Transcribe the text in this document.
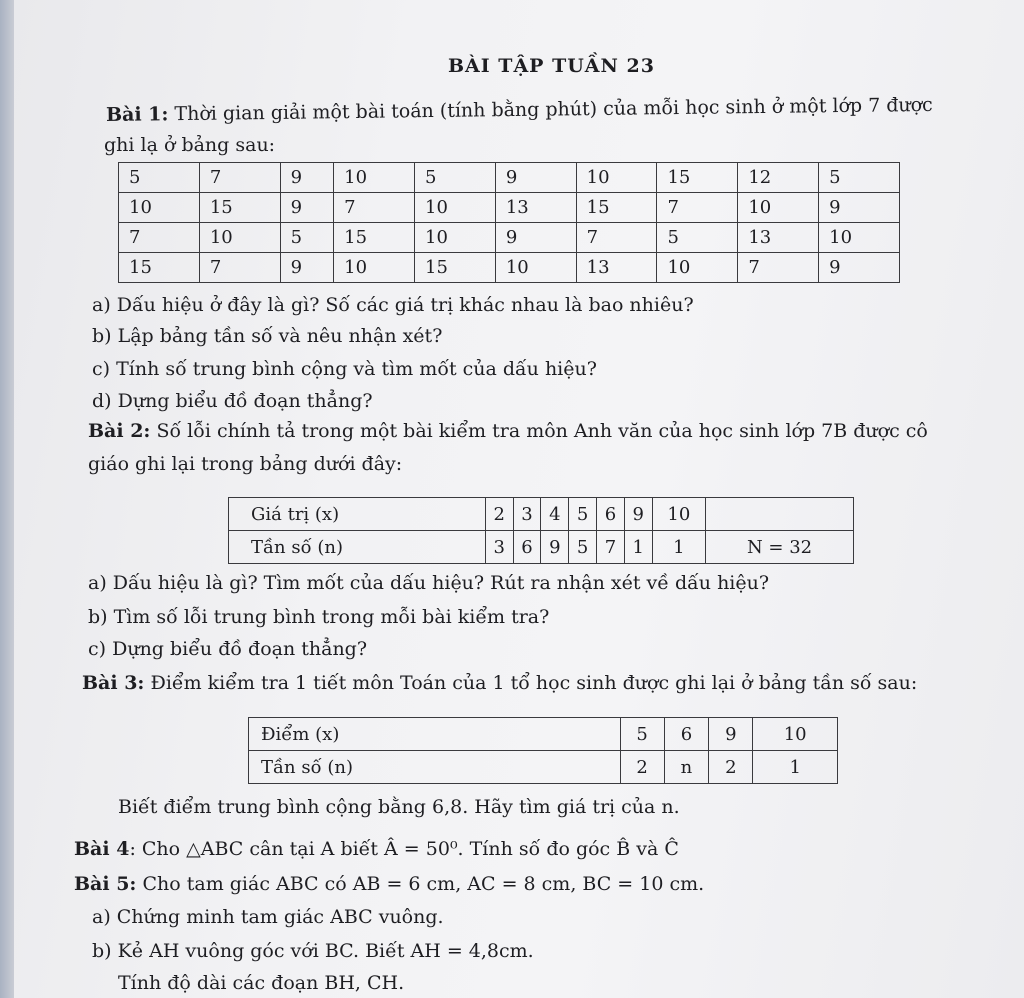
BÀI TẬP TUẦN 23
Bài 1: Thời gian giải một bài toán (tính bằng phút) của mỗi học sinh ở một lớp 7 được
ghi lạ ở bảng sau:
5	7	9	10	5	9	10	15	12	5
10	15	9	7	10	13	15	7	10	9
7	10	5	15	10	9	7	5	13	10
15	7	9	10	15	10	13	10	7	9
a) Dấu hiệu ở đây là gì? Số các giá trị khác nhau là bao nhiêu?
b) Lập bảng tần số và nêu nhận xét?
c) Tính số trung bình cộng và tìm mốt của dấu hiệu?
d) Dựng biểu đồ đoạn thẳng?
Bài 2: Số lỗi chính tả trong một bài kiểm tra môn Anh văn của học sinh lớp 7B được cô
giáo ghi lại trong bảng dưới đây:
Giá trị (x)	2	3	4	5	6	9	10	
Tần số (n)	3	6	9	5	7	1	1	N = 32
a) Dấu hiệu là gì? Tìm mốt của dấu hiệu? Rút ra nhận xét về dấu hiệu?
b) Tìm số lỗi trung bình trong mỗi bài kiểm tra?
c) Dựng biểu đồ đoạn thẳng?
Bài 3: Điểm kiểm tra 1 tiết môn Toán của 1 tổ học sinh được ghi lại ở bảng tần số sau:
Điểm (x)	5	6	9	10
Tần số (n)	2	n	2	1
Biết điểm trung bình cộng bằng 6,8. Hãy tìm giá trị của n.
Bài 4: Cho △ABC cân tại A biết Â = 50⁰. Tính số đo góc B̂ và Ĉ
Bài 5: Cho tam giác ABC có AB = 6 cm, AC = 8 cm, BC = 10 cm.
a) Chứng minh tam giác ABC vuông.
b) Kẻ AH vuông góc với BC. Biết AH = 4,8cm.
Tính độ dài các đoạn BH, CH.
